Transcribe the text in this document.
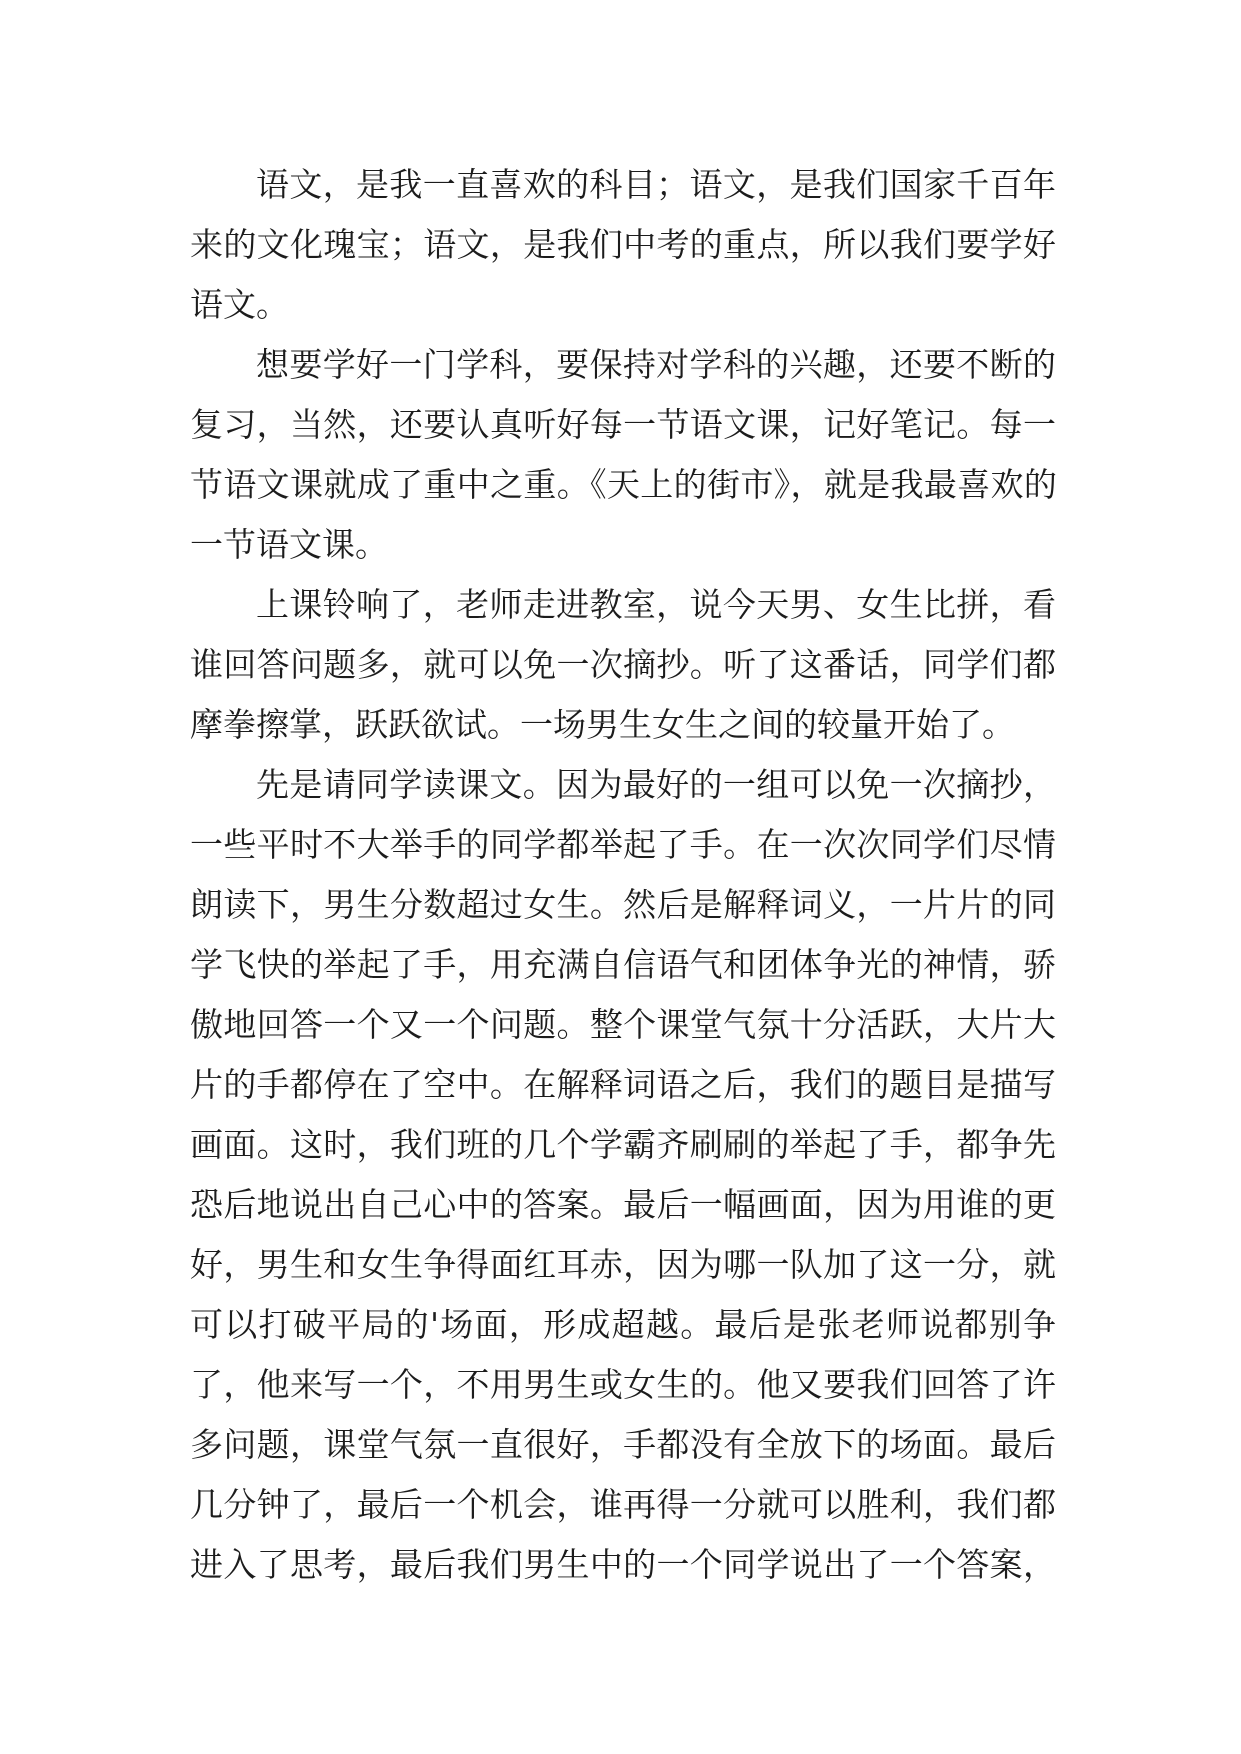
语文，是我一直喜欢的科目；语文，是我们国家千百年
来的文化瑰宝；语文，是我们中考的重点，所以我们要学好
语文。
想要学好一门学科，要保持对学科的兴趣，还要不断的
复习，当然，还要认真听好每一节语文课，记好笔记。每一
节语文课就成了重中之重。《天上的街市》，就是我最喜欢的
一节语文课。
上课铃响了，老师走进教室，说今天男、女生比拼，看
谁回答问题多，就可以免一次摘抄。听了这番话，同学们都
摩拳擦掌，跃跃欲试。一场男生女生之间的较量开始了。
先是请同学读课文。因为最好的一组可以免一次摘抄，
一些平时不大举手的同学都举起了手。在一次次同学们尽情
朗读下，男生分数超过女生。然后是解释词义，一片片的同
学飞快的举起了手，用充满自信语气和团体争光的神情，骄
傲地回答一个又一个问题。整个课堂气氛十分活跃，大片大
片的手都停在了空中。在解释词语之后，我们的题目是描写
画面。这时，我们班的几个学霸齐刷刷的举起了手，都争先
恐后地说出自己心中的答案。最后一幅画面，因为用谁的更
好，男生和女生争得面红耳赤，因为哪一队加了这一分，就
可以打破平局的'场面，形成超越。最后是张老师说都别争
了，他来写一个，不用男生或女生的。他又要我们回答了许
多问题，课堂气氛一直很好，手都没有全放下的场面。最后
几分钟了，最后一个机会，谁再得一分就可以胜利，我们都
进入了思考，最后我们男生中的一个同学说出了一个答案，
